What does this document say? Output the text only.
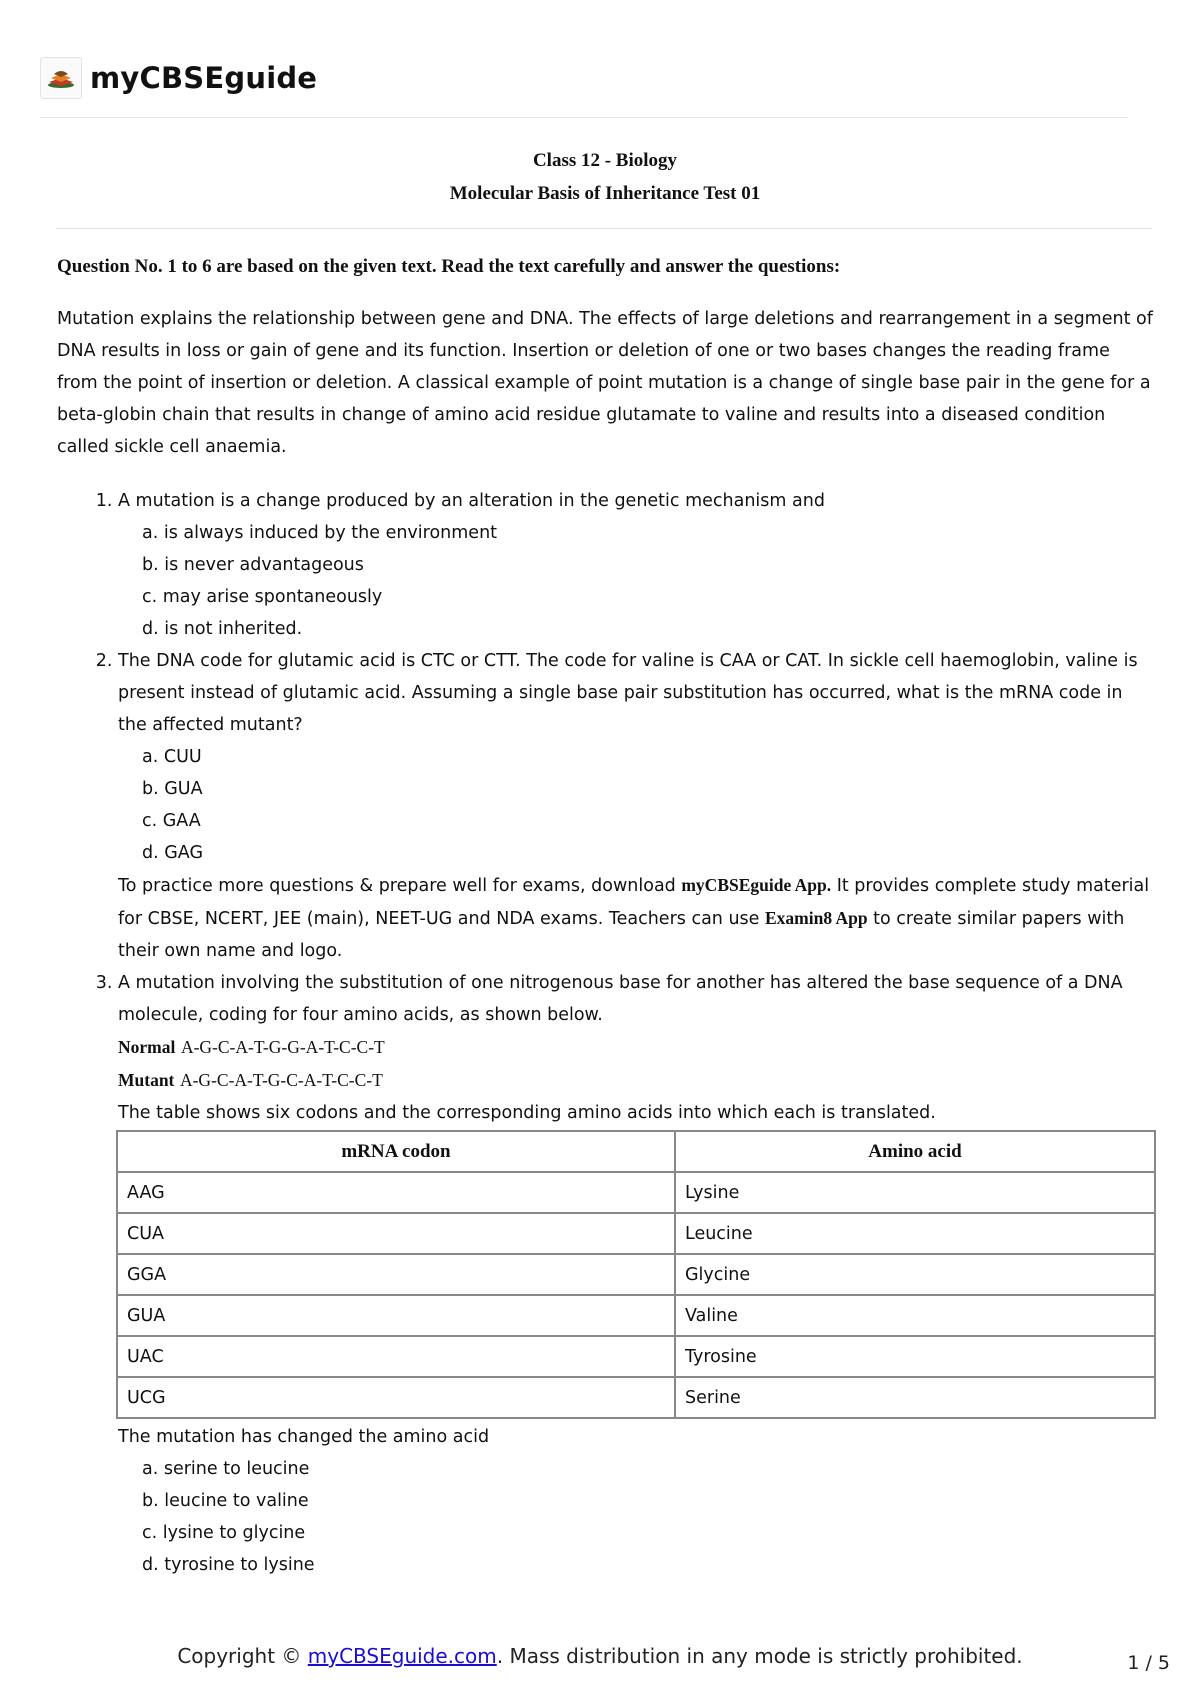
myCBSEguide
Class 12 - Biology
Molecular Basis of Inheritance Test 01
Question No. 1 to 6 are based on the given text. Read the text carefully and answer the questions:
Mutation explains the relationship between gene and DNA. The effects of large deletions and rearrangement in a segment of DNA results in loss or gain of gene and its function. Insertion or deletion of one or two bases changes the reading frame from the point of insertion or deletion. A classical example of point mutation is a change of single base pair in the gene for a beta-globin chain that results in change of amino acid residue glutamate to valine and results into a diseased condition called sickle cell anaemia.
1. A mutation is a change produced by an alteration in the genetic mechanism and
a. is always induced by the environment
b. is never advantageous
c. may arise spontaneously
d. is not inherited.
2. The DNA code for glutamic acid is CTC or CTT. The code for valine is CAA or CAT. In sickle cell haemoglobin, valine is present instead of glutamic acid. Assuming a single base pair substitution has occurred, what is the mRNA code in the affected mutant?
a. CUU
b. GUA
c. GAA
d. GAG
To practice more questions & prepare well for exams, download myCBSEguide App. It provides complete study material for CBSE, NCERT, JEE (main), NEET-UG and NDA exams. Teachers can use Examin8 App to create similar papers with their own name and logo.
3. A mutation involving the substitution of one nitrogenous base for another has altered the base sequence of a DNA molecule, coding for four amino acids, as shown below.
Normal A-G-C-A-T-G-G-A-T-C-C-T
Mutant A-G-C-A-T-G-C-A-T-C-C-T
The table shows six codons and the corresponding amino acids into which each is translated.
mRNA codon	Amino acid
AAG	Lysine
CUA	Leucine
GGA	Glycine
GUA	Valine
UAC	Tyrosine
UCG	Serine
The mutation has changed the amino acid
a. serine to leucine
b. leucine to valine
c. lysine to glycine
d. tyrosine to lysine
Copyright © myCBSEguide.com. Mass distribution in any mode is strictly prohibited.	1 / 5
